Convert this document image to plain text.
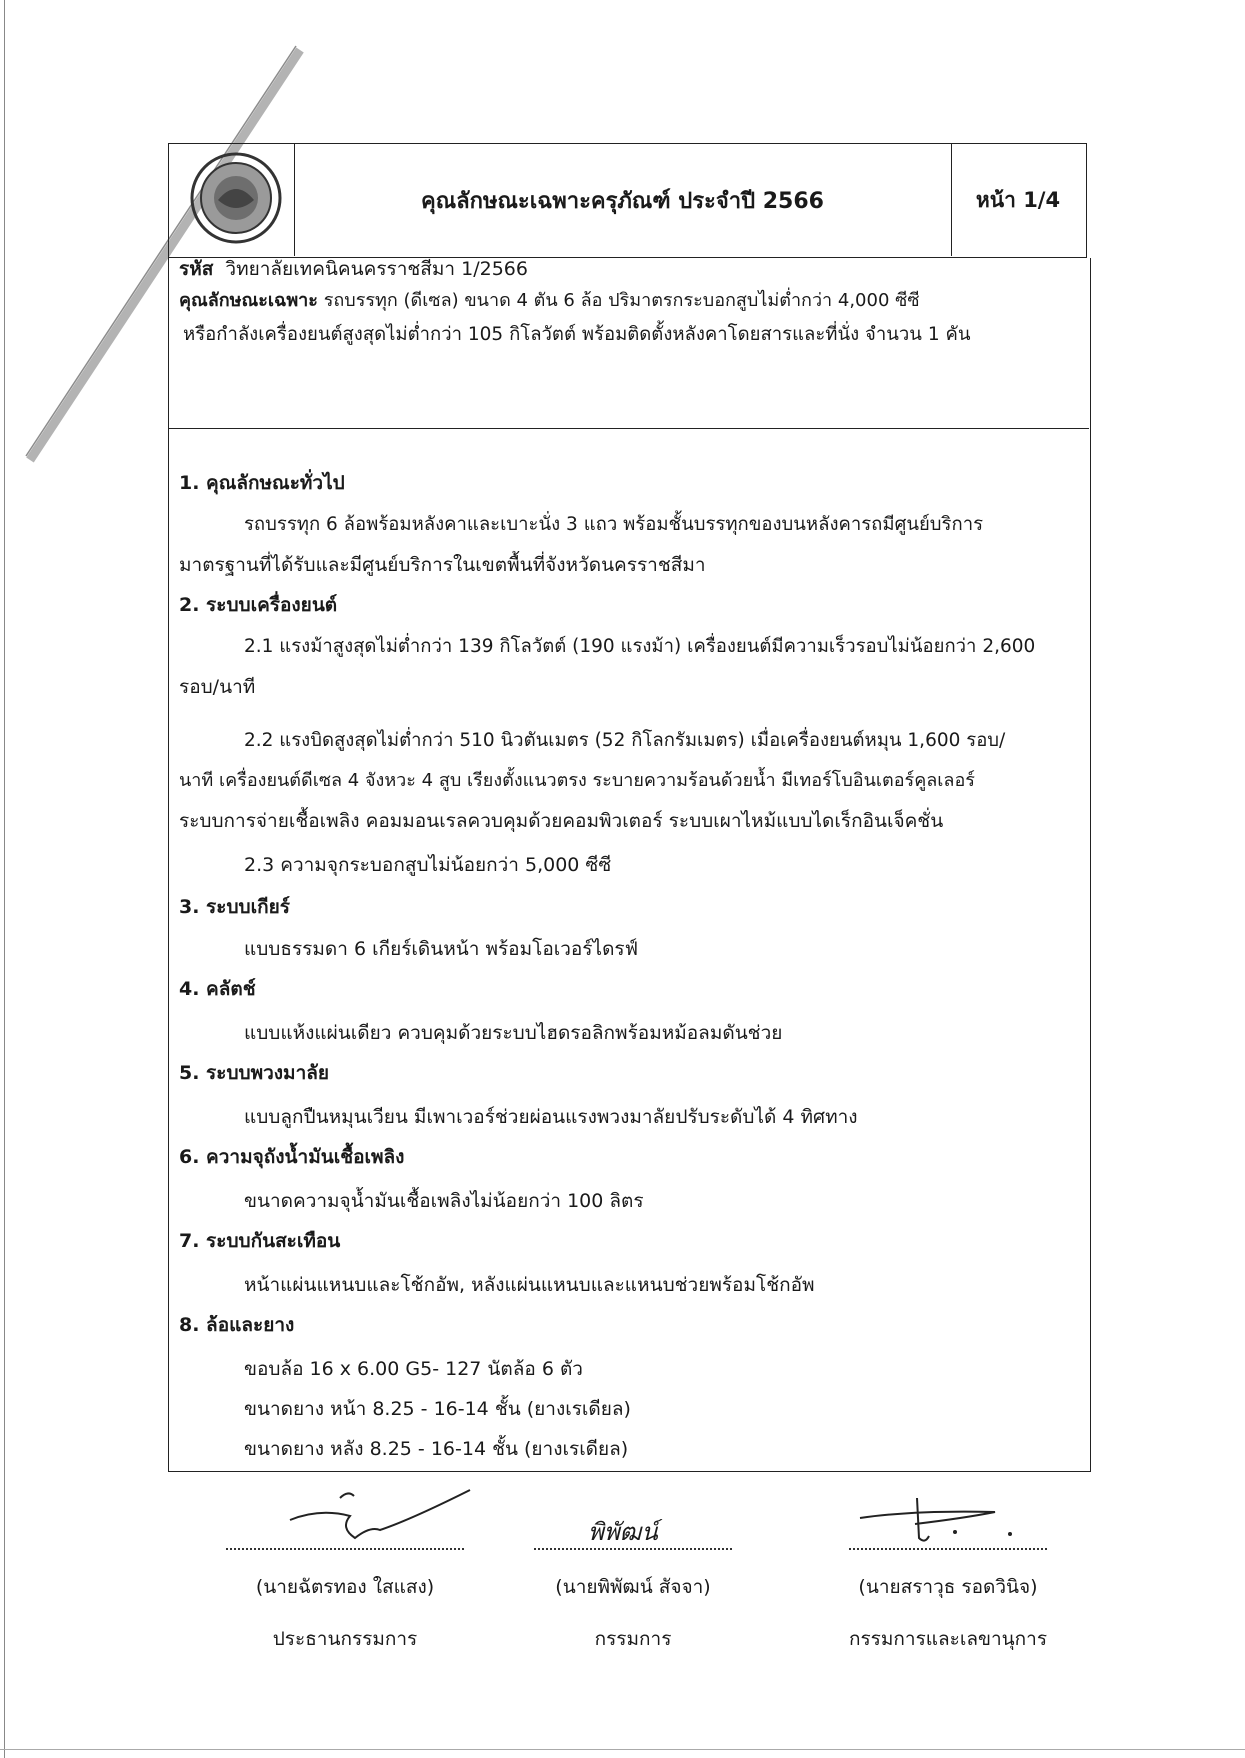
คุณลักษณะเฉพาะครุภัณฑ์ ประจำปี 2566	หน้า 1/4
รหัส วิทยาลัยเทคนิคนครราชสีมา 1/2566
คุณลักษณะเฉพาะ รถบรรทุก (ดีเซล) ขนาด 4 ตัน 6 ล้อ ปริมาตรกระบอกสูบไม่ต่ำกว่า 4,000 ซีซี
หรือกำลังเครื่องยนต์สูงสุดไม่ต่ำกว่า 105 กิโลวัตต์ พร้อมติดตั้งหลังคาโดยสารและที่นั่ง จำนวน 1 คัน
1. คุณลักษณะทั่วไป
รถบรรทุก 6 ล้อพร้อมหลังคาและเบาะนั่ง 3 แถว พร้อมชั้นบรรทุกของบนหลังคารถมีศูนย์บริการ
มาตรฐานที่ได้รับและมีศูนย์บริการในเขตพื้นที่จังหวัดนครราชสีมา
2. ระบบเครื่องยนต์
2.1 แรงม้าสูงสุดไม่ต่ำกว่า 139 กิโลวัตต์ (190 แรงม้า) เครื่องยนต์มีความเร็วรอบไม่น้อยกว่า 2,600
รอบ/นาที
2.2 แรงบิดสูงสุดไม่ต่ำกว่า 510 นิวตันเมตร (52 กิโลกรัมเมตร) เมื่อเครื่องยนต์หมุน 1,600 รอบ/
นาที เครื่องยนต์ดีเซล 4 จังหวะ 4 สูบ เรียงตั้งแนวตรง ระบายความร้อนด้วยน้ำ มีเทอร์โบอินเตอร์คูลเลอร์
ระบบการจ่ายเชื้อเพลิง คอมมอนเรลควบคุมด้วยคอมพิวเตอร์ ระบบเผาไหม้แบบไดเร็กอินเจ็คชั่น
2.3 ความจุกระบอกสูบไม่น้อยกว่า 5,000 ซีซี
3. ระบบเกียร์
แบบธรรมดา 6 เกียร์เดินหน้า พร้อมโอเวอร์ไดรฟ์
4. คลัตช์
แบบแห้งแผ่นเดียว ควบคุมด้วยระบบไฮดรอลิกพร้อมหม้อลมดันช่วย
5. ระบบพวงมาลัย
แบบลูกปืนหมุนเวียน มีเพาเวอร์ช่วยผ่อนแรงพวงมาลัยปรับระดับได้ 4 ทิศทาง
6. ความจุถังน้ำมันเชื้อเพลิง
ขนาดความจุน้ำมันเชื้อเพลิงไม่น้อยกว่า 100 ลิตร
7. ระบบกันสะเทือน
หน้าแผ่นแหนบและโช้กอัพ, หลังแผ่นแหนบและแหนบช่วยพร้อมโช้กอัพ
8. ล้อและยาง
ขอบล้อ 16 x 6.00 G5- 127 นัตล้อ 6 ตัว
ขนาดยาง หน้า 8.25 - 16-14 ชั้น (ยางเรเดียล)
ขนาดยาง หลัง 8.25 - 16-14 ชั้น (ยางเรเดียล)
พิพัฒน์
(นายฉัตรทอง ใสแสง)
ประธานกรรมการ
(นายพิพัฒน์ สัจจา)
กรรมการ
(นายสราวุธ รอดวินิจ)
กรรมการและเลขานุการ
